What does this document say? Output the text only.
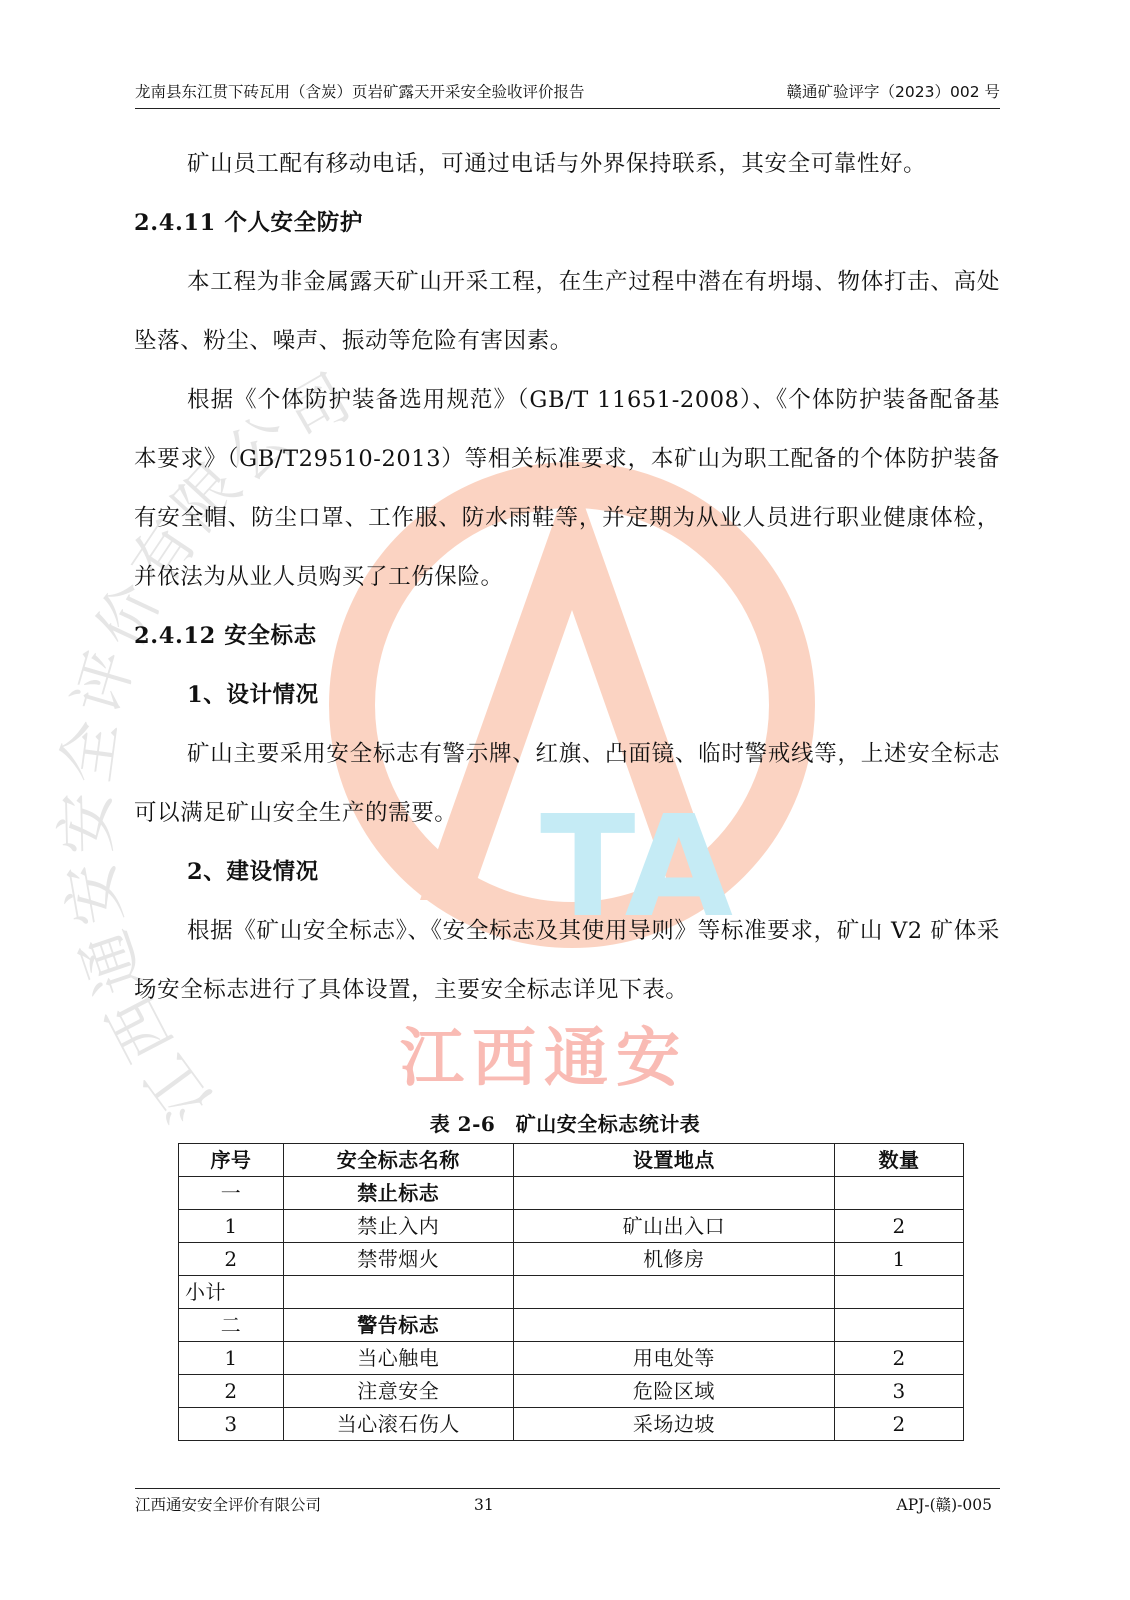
TA
江西通安安全评价有限公司
江西通安
龙南县东江贯下砖瓦用（含炭）页岩矿露天开采安全验收评价报告	赣通矿验评字（2023）002 号

矿山员工配有移动电话，可通过电话与外界保持联系，其安全可靠性好。

2.4.11 个人安全防护

本工程为非金属露天矿山开采工程，在生产过程中潜在有坍塌、物体打击、高处坠落、粉尘、噪声、振动等危险有害因素。

根据《个体防护装备选用规范》（GB/T 11651-2008）、《个体防护装备配备基本要求》（GB/T29510-2013）等相关标准要求，本矿山为职工配备的个体防护装备有安全帽、防尘口罩、工作服、防水雨鞋等，并定期为从业人员进行职业健康体检，并依法为从业人员购买了工伤保险。

2.4.12 安全标志

1、设计情况

矿山主要采用安全标志有警示牌、红旗、凸面镜、临时警戒线等，上述安全标志可以满足矿山安全生产的需要。

2、建设情况

根据《矿山安全标志》、《安全标志及其使用导则》等标准要求，矿山 V2 矿体采场安全标志进行了具体设置，主要安全标志详见下表。

表 2-6　矿山安全标志统计表
序号	安全标志名称	设置地点	数量
一	禁止标志		
1	禁止入内	矿山出入口	2
2	禁带烟火	机修房	1
小计			
二	警告标志		
1	当心触电	用电处等	2
2	注意安全	危险区域	3
3	当心滚石伤人	采场边坡	2
江西通安安全评价有限公司	31	APJ-(赣)-005
